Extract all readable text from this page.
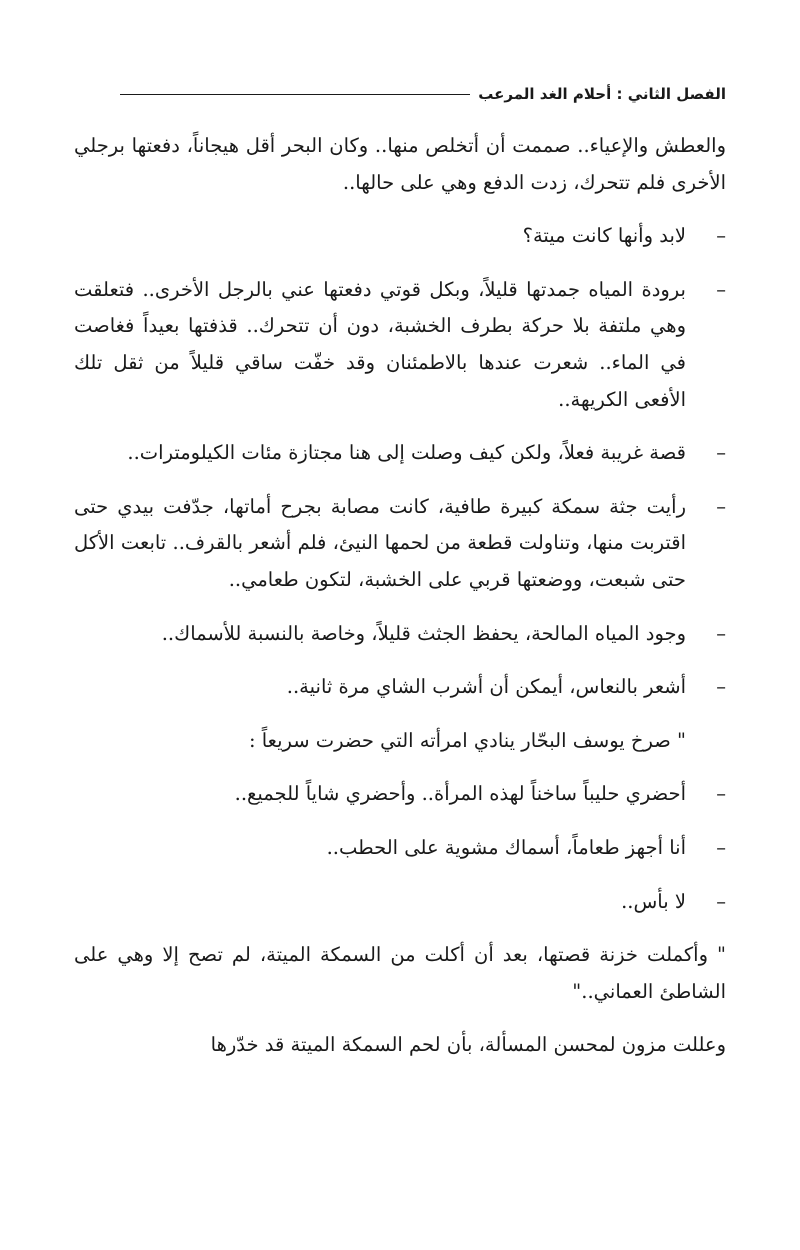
الفصل الثاني : أحلام الغد المرعب

والعطش والإعياء.. صممت أن أتخلص منها.. وكان البحر أقل هيجاناً، دفعتها برجلي الأخرى فلم تتحرك، زدت الدفع وهي على حالها..

–
لابد وأنها كانت ميتة؟
–
برودة المياه جمدتها قليلاً، وبكل قوتي دفعتها عني بالرجل الأخرى.. فتعلقت وهي ملتفة بلا حركة بطرف الخشبة، دون أن تتحرك.. قذفتها بعيداً فغاصت في الماء.. شعرت عندها بالاطمئنان وقد خفّت ساقي قليلاً من ثقل تلك الأفعى الكريهة..
–
قصة غريبة فعلاً، ولكن كيف وصلت إلى هنا مجتازة مئات الكيلومترات..
–
رأيت جثة سمكة كبيرة طافية، كانت مصابة بجرح أماتها، جدّفت بيدي حتى اقتربت منها، وتناولت قطعة من لحمها النيئ، فلم أشعر بالقرف.. تابعت الأكل حتى شبعت، ووضعتها قربي على الخشبة، لتكون طعامي..
–
وجود المياه المالحة، يحفظ الجثث قليلاً، وخاصة بالنسبة للأسماك..
–
أشعر بالنعاس، أيمكن أن أشرب الشاي مرة ثانية..

" صرخ يوسف البحّار ينادي امرأته التي حضرت سريعاً :

–
أحضري حليباً ساخناً لهذه المرأة.. وأحضري شاياً للجميع..
–
أنا أجهز طعاماً، أسماك مشوية على الحطب..
–
لا بأس..

" وأكملت خزنة قصتها، بعد أن أكلت من السمكة الميتة، لم تصح إلا وهي على الشاطئ العماني.."

وعللت مزون لمحسن المسألة، بأن لحم السمكة الميتة قد خدّرها
